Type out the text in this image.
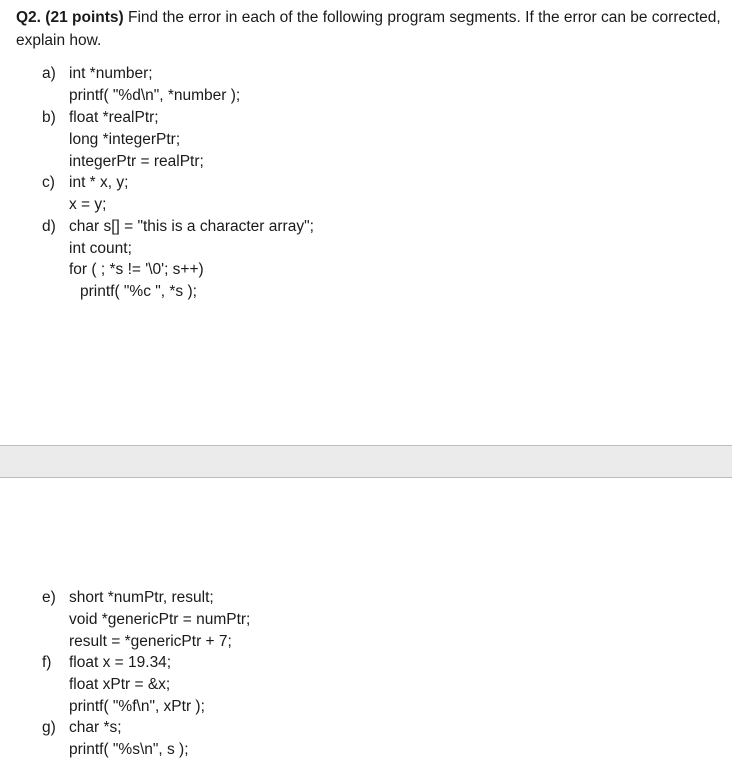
Q2. (21 points) Find the error in each of the following program segments. If the error can be corrected, explain how.
a) int *number;
printf( "%d\n", *number );
b) float *realPtr;
long *integerPtr;
integerPtr = realPtr;
c) int * x, y;
x = y;
d) char s[] = "this is a character array";
int count;
for ( ; *s != '\0'; s++)
printf( "%c ", *s );
e) short *numPtr, result;
void *genericPtr = numPtr;
result = *genericPtr + 7;
f) float x = 19.34;
float xPtr = &x;
printf( "%f\n", xPtr );
g) char *s;
printf( "%s\n", s );
